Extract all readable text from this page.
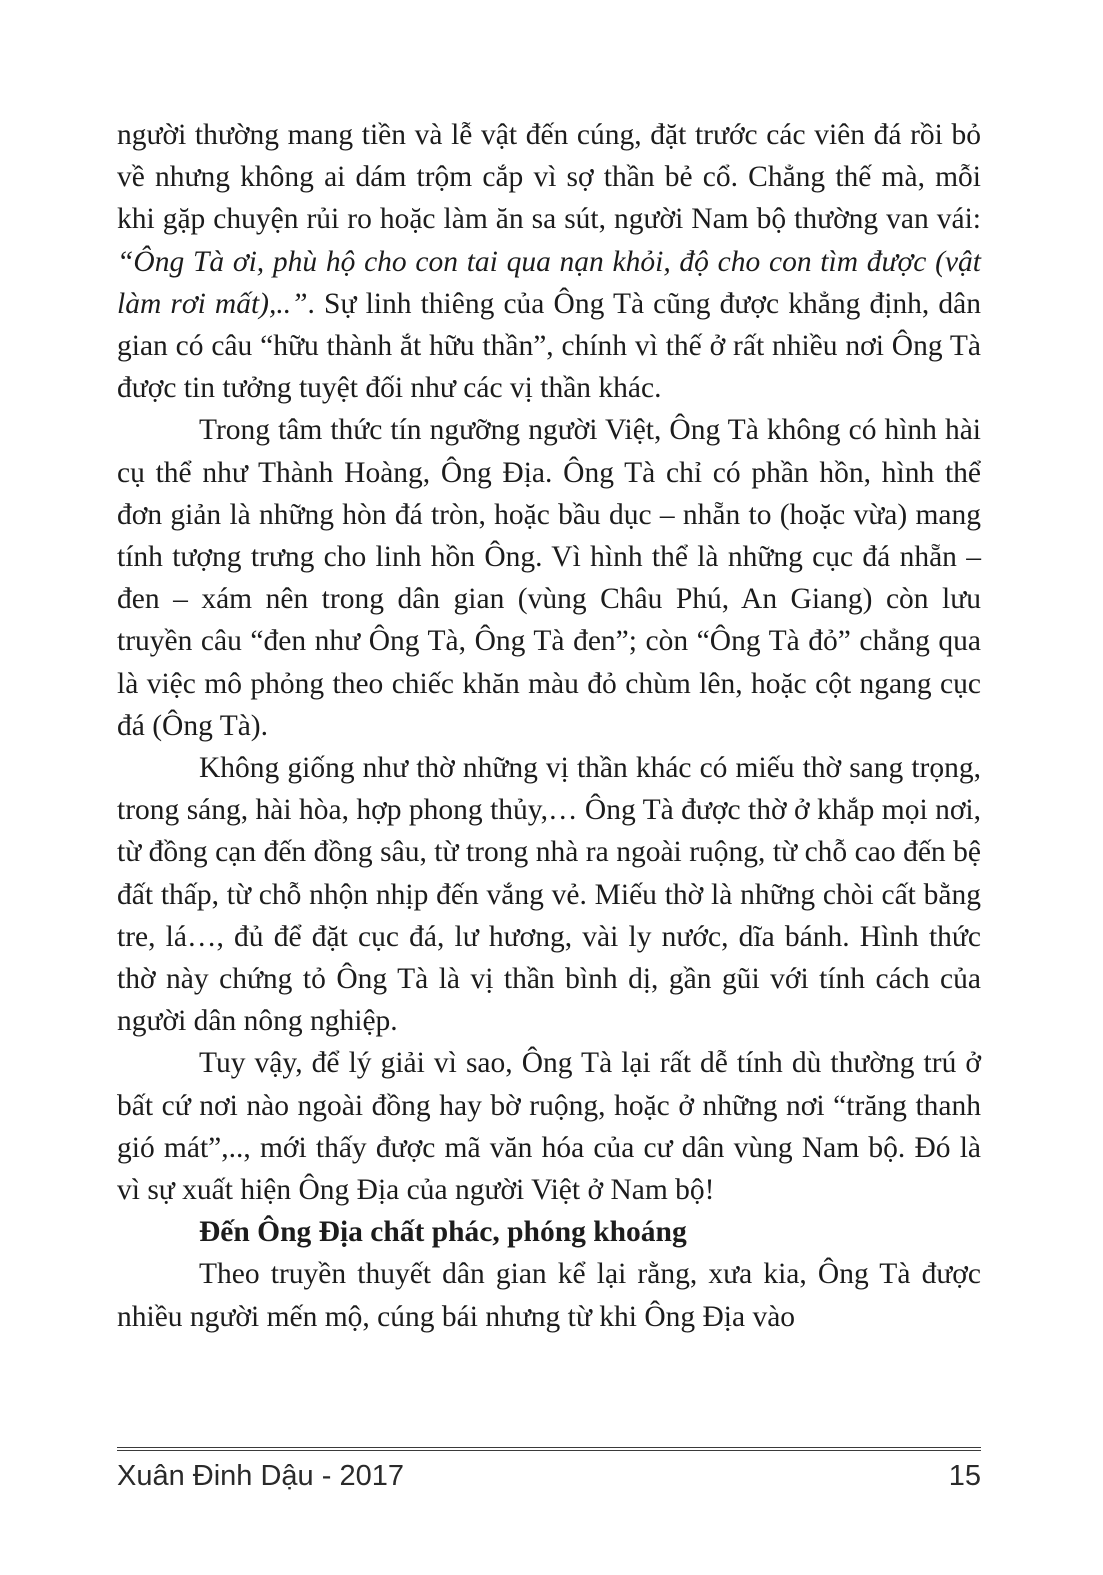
người thường mang tiền và lễ vật đến cúng, đặt trước các viên đá rồi bỏ về nhưng không ai dám trộm cắp vì sợ thần bẻ cổ. Chẳng thế mà, mỗi khi gặp chuyện rủi ro hoặc làm ăn sa sút, người Nam bộ thường van vái: “Ông Tà ơi, phù hộ cho con tai qua nạn khỏi, độ cho con tìm được (vật làm rơi mất),..”. Sự linh thiêng của Ông Tà cũng được khẳng định, dân gian có câu “hữu thành ắt hữu thần”, chính vì thế ở rất nhiều nơi Ông Tà được tin tưởng tuyệt đối như các vị thần khác.

Trong tâm thức tín ngưỡng người Việt, Ông Tà không có hình hài cụ thể như Thành Hoàng, Ông Địa. Ông Tà chỉ có phần hồn, hình thể đơn giản là những hòn đá tròn, hoặc bầu dục – nhẵn to (hoặc vừa) mang tính tượng trưng cho linh hồn Ông. Vì hình thể là những cục đá nhẵn – đen – xám nên trong dân gian (vùng Châu Phú, An Giang) còn lưu truyền câu “đen như Ông Tà, Ông Tà đen”; còn “Ông Tà đỏ” chẳng qua là việc mô phỏng theo chiếc khăn màu đỏ chùm lên, hoặc cột ngang cục đá (Ông Tà).

Không giống như thờ những vị thần khác có miếu thờ sang trọng, trong sáng, hài hòa, hợp phong thủy,… Ông Tà được thờ ở khắp mọi nơi, từ đồng cạn đến đồng sâu, từ trong nhà ra ngoài ruộng, từ chỗ cao đến bệ đất thấp, từ chỗ nhộn nhịp đến vắng vẻ. Miếu thờ là những chòi cất bằng tre, lá…, đủ để đặt cục đá, lư hương, vài ly nước, dĩa bánh. Hình thức thờ này chứng tỏ Ông Tà là vị thần bình dị, gần gũi với tính cách của người dân nông nghiệp.

Tuy vậy, để lý giải vì sao, Ông Tà lại rất dễ tính dù thường trú ở bất cứ nơi nào ngoài đồng hay bờ ruộng, hoặc ở những nơi “trăng thanh gió mát”,.., mới thấy được mã văn hóa của cư dân vùng Nam bộ. Đó là vì sự xuất hiện Ông Địa của người Việt ở Nam bộ!

Đến Ông Địa chất phác, phóng khoáng

Theo truyền thuyết dân gian kể lại rằng, xưa kia, Ông Tà được nhiều người mến mộ, cúng bái nhưng từ khi Ông Địa vào

Xuân Đinh Dậu - 2017	15
